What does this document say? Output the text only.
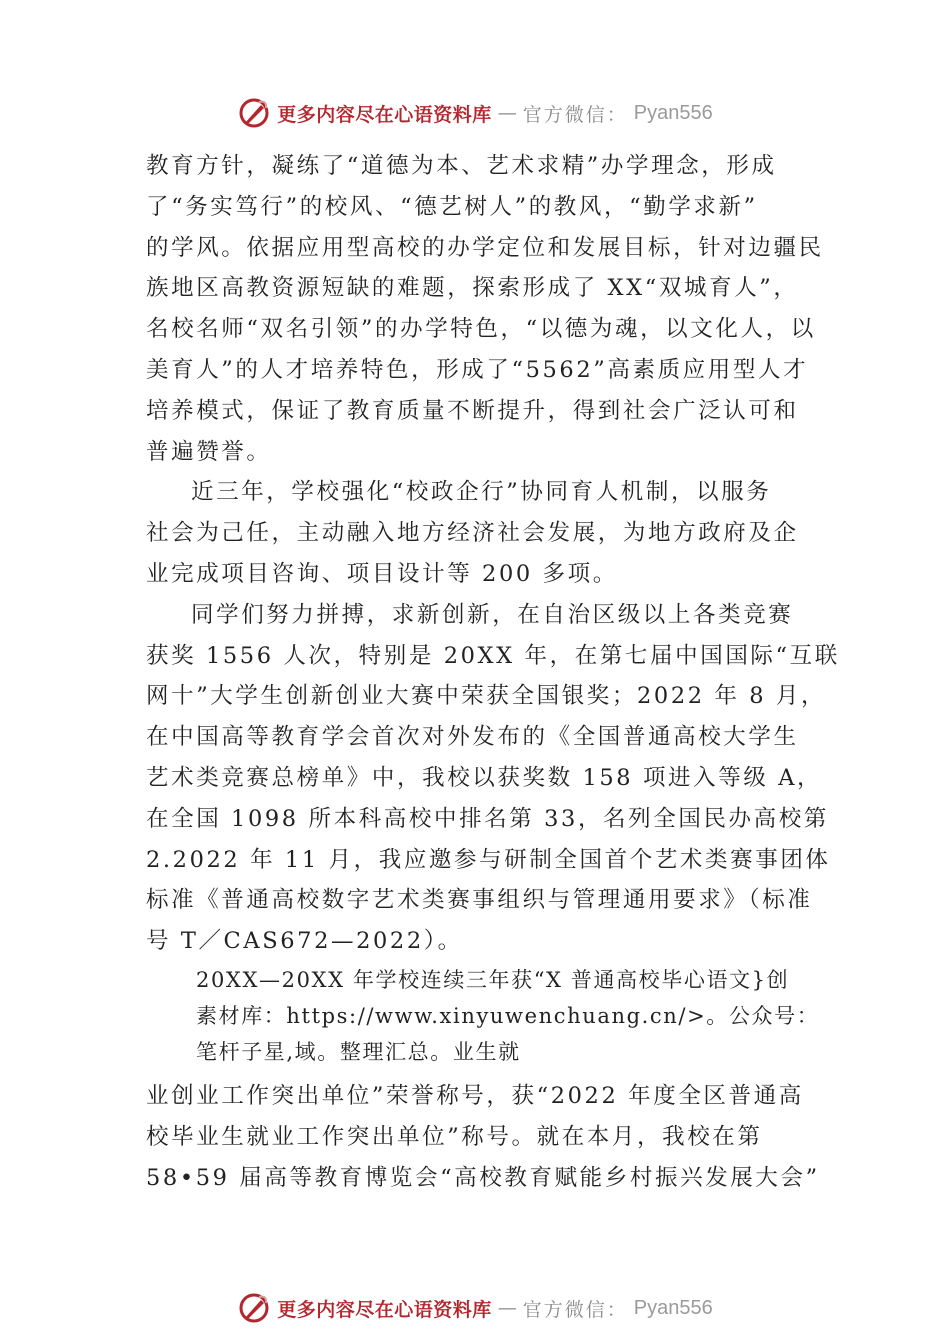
更多内容尽在心语资料库 — 官方微信： Pyan556
教育方针，凝练了“道德为本、艺术求精”办学理念，形成
了“务实笃行”的校风、“德艺树人”的教风，“勤学求新”
的学风。依据应用型高校的办学定位和发展目标，针对边疆民
族地区高教资源短缺的难题，探索形成了 XX“双城育人”，
名校名师“双名引领”的办学特色，“以德为魂，以文化人，以
美育人”的人才培养特色，形成了“5562”高素质应用型人才
培养模式，保证了教育质量不断提升，得到社会广泛认可和
普遍赞誉。
近三年，学校强化“校政企行”协同育人机制，以服务
社会为己任，主动融入地方经济社会发展，为地方政府及企
业完成项目咨询、项目设计等 200 多项。
同学们努力拼搏，求新创新，在自治区级以上各类竞赛
获奖 1556 人次，特别是 20XX 年，在第七届中国国际“互联
网十”大学生创新创业大赛中荣获全国银奖；2022 年 8 月，
在中国高等教育学会首次对外发布的《全国普通高校大学生
艺术类竞赛总榜单》中，我校以获奖数 158 项进入等级 A，
在全国 1098 所本科高校中排名第 33，名列全国民办高校第
2.2022 年 11 月，我应邀参与研制全国首个艺术类赛事团体
标准《普通高校数字艺术类赛事组织与管理通用要求》（标准
号 T／CAS672—2022）。
20XX—20XX 年学校连续三年获“X 普通高校毕心语文}创
素材库：https://www.xinyuwenchuang.cn/>。公众号：
笔杆子星,域。整理汇总。业生就
业创业工作突出单位”荣誉称号，获“2022 年度全区普通高
校毕业生就业工作突出单位”称号。就在本月，我校在第
58•59 届高等教育博览会“高校教育赋能乡村振兴发展大会”
更多内容尽在心语资料库 — 官方微信： Pyan556
